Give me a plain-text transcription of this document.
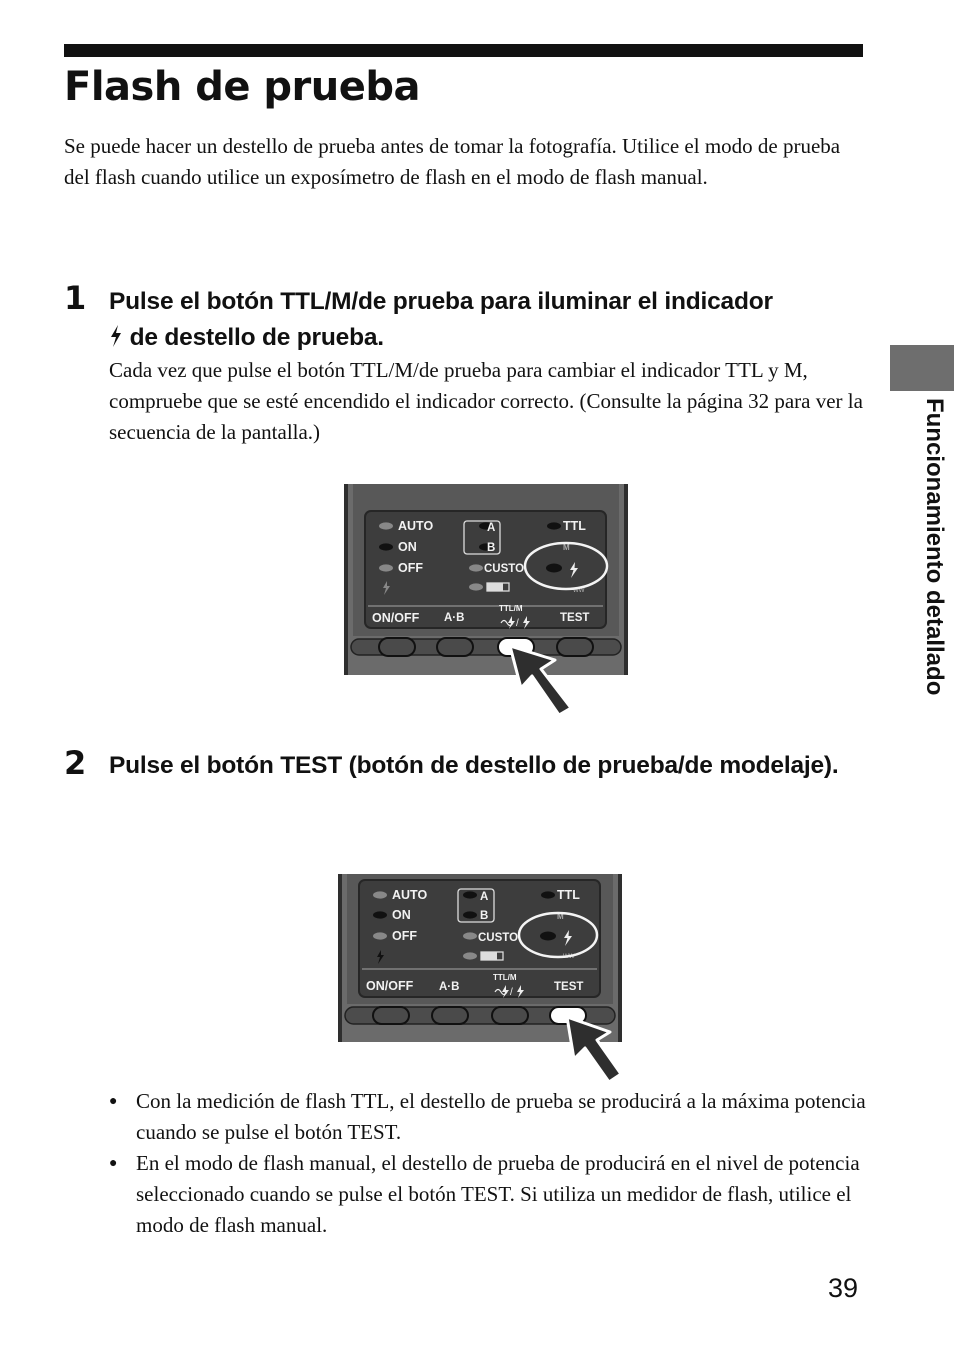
Flash de prueba

Se puede hacer un destello de prueba antes de tomar la fotografía. Utilice el modo de prueba del flash cuando utilice un exposímetro de flash en el modo de flash manual.

Funcionamiento detallado
1 Pulse el botón TTL/M/de prueba para iluminar el indicador
de destello de prueba.

Cada vez que pulse el botón TTL/M/de prueba para cambiar el indicador TTL y M, compruebe que se esté encendido el indicador correcto. (Consulte la página 32 para ver la secuencia de la pantalla.)

ww
AUTO
ON
OFF
A
B
CUSTO
TTL
M
ON/OFF A·B
TTL/M
TEST
/
2 Pulse el botón TEST (botón de destello de prueba/de modelaje).
ww
AUTO
ON
OFF
A
B
CUSTO
TTL
M
ON/OFF A·B
TTL/M
TEST
/
● Con la medición de flash TTL, el destello de prueba se producirá a la máxima potencia cuando se pulse el botón TEST.
● En el modo de flash manual, el destello de prueba de producirá en el nivel de potencia seleccionado cuando se pulse el botón TEST. Si utiliza un medidor de flash, utilice el modo de flash manual.
39
